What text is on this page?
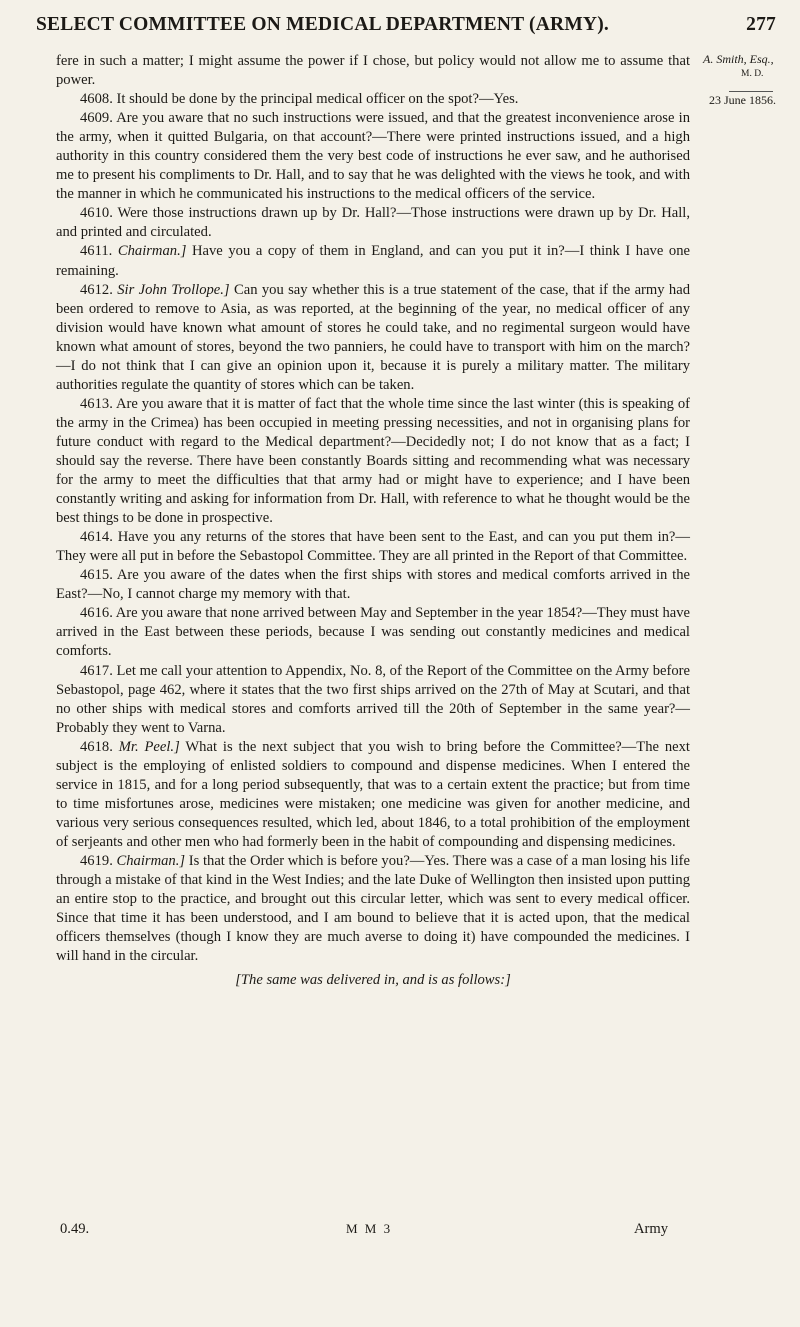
SELECT COMMITTEE ON MEDICAL DEPARTMENT (ARMY).	277

fere in such a matter; I might assume the power if I chose, but policy would not allow me to assume that power.

4608. It should be done by the principal medical officer on the spot?—Yes.

4609. Are you aware that no such instructions were issued, and that the greatest inconvenience arose in the army, when it quitted Bulgaria, on that account?—There were printed instructions issued, and a high authority in this country considered them the very best code of instructions he ever saw, and he authorised me to present his compliments to Dr. Hall, and to say that he was delighted with the views he took, and with the manner in which he communicated his instructions to the medical officers of the service.

4610. Were those instructions drawn up by Dr. Hall?—Those instructions were drawn up by Dr. Hall, and printed and circulated.

4611. Chairman.] Have you a copy of them in England, and can you put it in?—I think I have one remaining.

4612. Sir John Trollope.] Can you say whether this is a true statement of the case, that if the army had been ordered to remove to Asia, as was reported, at the beginning of the year, no medical officer of any division would have known what amount of stores he could take, and no regimental surgeon would have known what amount of stores, beyond the two panniers, he could have to transport with him on the march?—I do not think that I can give an opinion upon it, because it is purely a military matter. The military authorities regulate the quantity of stores which can be taken.

4613. Are you aware that it is matter of fact that the whole time since the last winter (this is speaking of the army in the Crimea) has been occupied in meeting pressing necessities, and not in organising plans for future conduct with regard to the Medical department?—Decidedly not; I do not know that as a fact; I should say the reverse. There have been constantly Boards sitting and recommending what was necessary for the army to meet the difficulties that that army had or might have to experience; and I have been constantly writing and asking for information from Dr. Hall, with reference to what he thought would be the best things to be done in prospective.

4614. Have you any returns of the stores that have been sent to the East, and can you put them in?—They were all put in before the Sebastopol Committee. They are all printed in the Report of that Committee.

4615. Are you aware of the dates when the first ships with stores and medical comforts arrived in the East?—No, I cannot charge my memory with that.

4616. Are you aware that none arrived between May and September in the year 1854?—They must have arrived in the East between these periods, because I was sending out constantly medicines and medical comforts.

4617. Let me call your attention to Appendix, No. 8, of the Report of the Committee on the Army before Sebastopol, page 462, where it states that the two first ships arrived on the 27th of May at Scutari, and that no other ships with medical stores and comforts arrived till the 20th of September in the same year?—Probably they went to Varna.

4618. Mr. Peel.] What is the next subject that you wish to bring before the Committee?—The next subject is the employing of enlisted soldiers to compound and dispense medicines. When I entered the service in 1815, and for a long period subsequently, that was to a certain extent the practice; but from time to time misfortunes arose, medicines were mistaken; one medicine was given for another medicine, and various very serious consequences resulted, which led, about 1846, to a total prohibition of the employment of serjeants and other men who had formerly been in the habit of compounding and dispensing medicines.

4619. Chairman.] Is that the Order which is before you?—Yes. There was a case of a man losing his life through a mistake of that kind in the West Indies; and the late Duke of Wellington then insisted upon putting an entire stop to the practice, and brought out this circular letter, which was sent to every medical officer. Since that time it has been understood, and I am bound to believe that it is acted upon, that the medical officers themselves (though I know they are much averse to doing it) have compounded the medicines. I will hand in the circular.

[The same was delivered in, and is as follows:]

A. Smith, Esq.,
M. D.
23 June 1856.
0.49.	M M 3	Army
